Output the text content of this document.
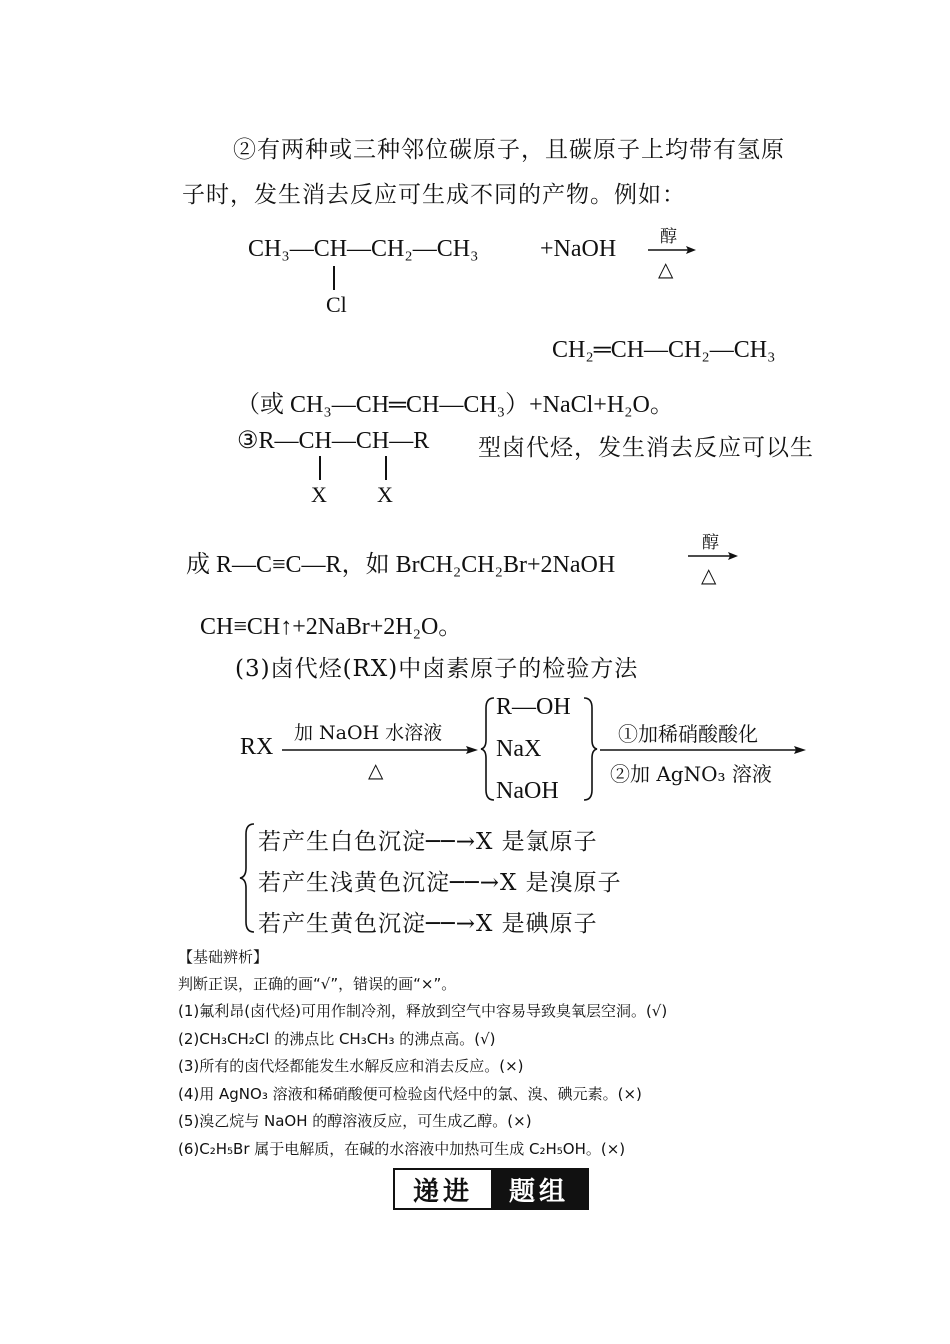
②有两种或三种邻位碳原子，且碳原子上均带有氢原
子时，发生消去反应可生成不同的产物。例如：
CH₃—CH—CH₂—CH₃
Cl
+NaOH	醇
△
CH₂═CH—CH₂—CH₃
（或 CH₃—CH═CH—CH₃）+NaCl+H₂O。
③R—CH—CH—R 型卤代烃，发生消去反应可以生
X X
成 R—C≡C—R，如 BrCH₂CH₂Br+2NaOH
醇
△
CH≡CH↑+2NaBr+2H₂O。
(3)卤代烃(RX)中卤素原子的检验方法
RX
加 NaOH 水溶液
△
R—OH
NaX
NaOH
①加稀硝酸酸化
②加 AgNO₃ 溶液
若产生白色沉淀──→X 是氯原子
若产生浅黄色沉淀──→X 是溴原子
若产生黄色沉淀──→X 是碘原子
【基础辨析】
判断正误，正确的画“√”，错误的画“×”。
(1)氟利昂(卤代烃)可用作制冷剂，释放到空气中容易导致臭氧层空洞。(√)
(2)CH₃CH₂Cl 的沸点比 CH₃CH₃ 的沸点高。(√)
(3)所有的卤代烃都能发生水解反应和消去反应。(×)
(4)用 AgNO₃ 溶液和稀硝酸便可检验卤代烃中的氯、溴、碘元素。(×)
(5)溴乙烷与 NaOH 的醇溶液反应，可生成乙醇。(×)
(6)C₂H₅Br 属于电解质，在碱的水溶液中加热可生成 C₂H₅OH。(×)
递进	题组
